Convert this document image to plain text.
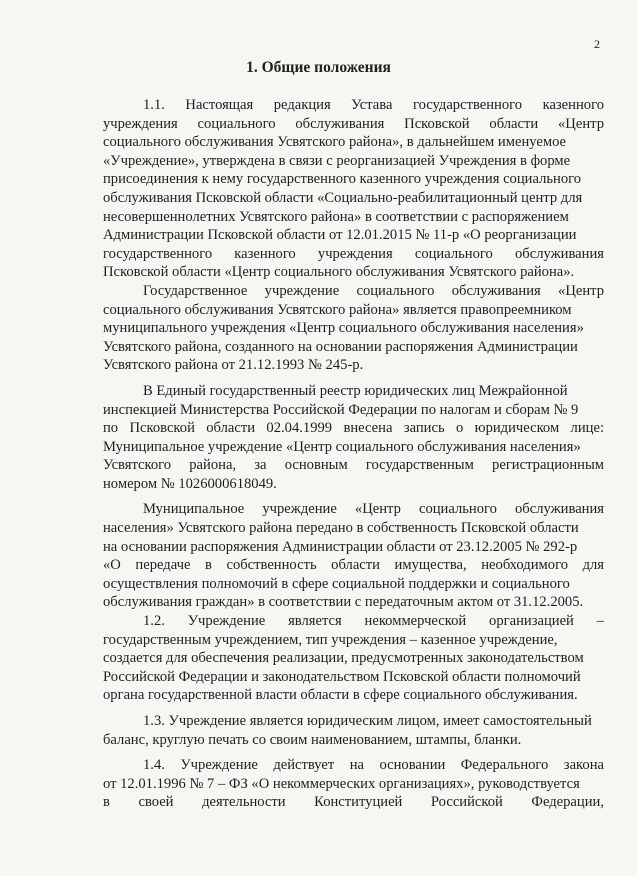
2
1. Общие положения
1.1. Настоящая редакция Устава государственного казенного
учреждения социального обслуживания Псковской области «Центр
социального обслуживания Усвятского района», в дальнейшем именуемое
«Учреждение», утверждена в связи с реорганизацией Учреждения в форме
присоединения к нему государственного казенного учреждения социального
обслуживания Псковской области «Социально-реабилитационный центр для
несовершеннолетних Усвятского района» в соответствии с распоряжением
Администрации Псковской области от 12.01.2015 № 11-р «О реорганизации
государственного казенного учреждения социального обслуживания
Псковской области «Центр социального обслуживания Усвятского района».
Государственное учреждение социального обслуживания «Центр
социального обслуживания Усвятского района» является правопреемником
муниципального учреждения «Центр социального обслуживания населения»
Усвятского района, созданного на основании распоряжения Администрации
Усвятского района от 21.12.1993 № 245-р.
В Единый государственный реестр юридических лиц Межрайонной
инспекцией Министерства Российской Федерации по налогам и сборам № 9
по Псковской области 02.04.1999 внесена запись о юридическом лице:
Муниципальное учреждение «Центр социального обслуживания населения»
Усвятского района, за основным государственным регистрационным
номером № 1026000618049.
Муниципальное учреждение «Центр социального обслуживания
населения» Усвятского района передано в собственность Псковской области
на основании распоряжения Администрации области от 23.12.2005 № 292-р
«О передаче в собственность области имущества, необходимого для
осуществления полномочий в сфере социальной поддержки и социального
обслуживания граждан» в соответствии с передаточным актом от 31.12.2005.
1.2. Учреждение является некоммерческой организацией –
государственным учреждением, тип учреждения – казенное учреждение,
создается для обеспечения реализации, предусмотренных законодательством
Российской Федерации и законодательством Псковской области полномочий
органа государственной власти области в сфере социального обслуживания.
1.3. Учреждение является юридическим лицом, имеет самостоятельный
баланс, круглую печать со своим наименованием, штампы, бланки.
1.4. Учреждение действует на основании Федерального закона
от 12.01.1996 № 7 – ФЗ «О некоммерческих организациях», руководствуется
в своей деятельности Конституцией Российской Федерации,
